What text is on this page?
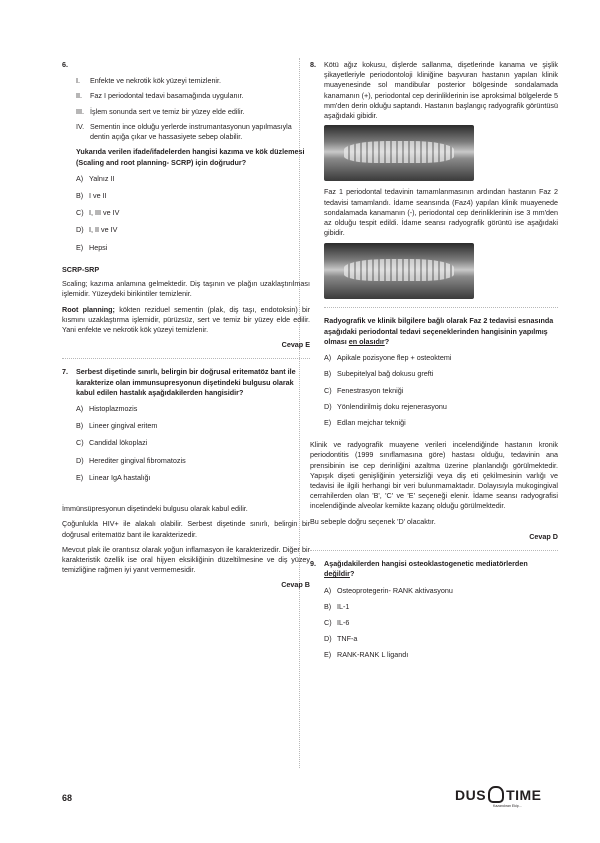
6.
I.	Enfekte ve nekrotik kök yüzeyi temizlenir.
II.	Faz I periodontal tedavi basamağında uygulanır.
III. İşlem sonunda sert ve temiz bir yüzey elde edilir.
IV. Sementin ince olduğu yerlerde instrumantasyonun yapılmasıyla dentin açığa çıkar ve hassasiyete sebep olabilir.
Yukarıda verilen ifade/ifadelerden hangisi kazıma ve kök düzlemesi (Scaling and root planning- SCRP) için doğrudur?
A) Yalnız II
B) I ve II
C) I, III ve IV
D) I, II ve IV
E) Hepsi
SCRP-SRP

Scaling; kazıma anlamına gelmektedir. Diş taşının ve plağın uzaklaştırılması işlemidir. Yüzeydeki birikintiler temizlenir.

Root planning; kökten reziduel sementin (plak, diş taşı, endotoksin) bir kısmını uzaklaştırma işlemidir, pürüzsüz, sert ve temiz bir yüzey elde edilir. Yani enfekte ve nekrotik kök yüzeyi temizlenir.

Cevap E
7.	Serbest dişetinde sınırlı, belirgin bir doğrusal eritematöz bant ile karakterize olan immunsupresyonun dişetindeki bulgusu olarak kabul edilen hastalık aşağıdakilerden hangisidir?
A) Histoplazmozis
B) Lineer gingival eritem
C) Candidal lökoplazi
D) Herediter gingival fibromatozis
E) Linear IgA hastalığı

İmmünsüpresyonun dişetindeki bulgusu olarak kabul edilir.

Çoğunlukla HIV+ ile alakalı olabilir. Serbest dişetinde sınırlı, belirgin bir doğrusal eritematöz bant ile karakterizedir.

Mevcut plak ile orantısız olarak yoğun inflamasyon ile karakterizedir. Diğer bir karakteristik özellik ise oral hijyen eksikliğinin düzeltilmesine ve diş yüzey temizliğine rağmen iyi yanıt vermemesidir.

Cevap B
8.	Kötü ağız kokusu, dişlerde sallanma, dişetlerinde kanama ve şişlik şikayetleriyle periodontoloji kliniğine başvuran hastanın yapılan klinik muayenesinde sol mandibular posterior bölgesinde sondalamada kanamanın (+), periodontal cep derinliklerinin ise aproksimal bölgelerde 5 mm'den derin olduğu saptandı. Hastanın başlangıç radyografik görüntüsü aşağıdaki gibidir.

Faz 1 periodontal tedavinin tamamlanmasının ardından hastanın Faz 2 tedavisi tamamlandı. İdame seansında (Faz4) yapılan klinik muayenede sondalamada kanamanın (-), periodontal cep derinliklerinin ise 3 mm'den az olduğu tespit edildi. İdame seansı radyografik görüntü ise aşağıdaki gibidir.

Radyografik ve klinik bilgilere bağlı olarak Faz 2 tedavisi esnasında aşağıdaki periodontal tedavi seçeneklerinden hangisinin yapılmış olması en olasıdır?
A) Apikale pozisyone flep + osteoktemi
B) Subepitelyal bağ dokusu grefti
C) Fenestrasyon tekniği
D) Yönlendirilmiş doku rejenerasyonu
E) Edlan mejchar tekniği

Klinik ve radyografik muayene verileri incelendiğinde hastanın kronik periodontitis (1999 sınıflamasına göre) hastası olduğu, tedavinin ana prensibinin ise cep derinliğini azaltma üzerine planlandığı görülmektedir. Yapışık dişeti genişliğinin yetersizliği veya diş eti çekilmesinin varlığı ve tedavisi ile ilgili herhangi bir veri bulunmamaktadır. Dolayısıyla mukogingival cerrahilerden olan 'B', 'C' ve 'E' seçeneği elenir. İdame seansı radyografisi incelendiğinde alveolar kemikte kazanç olduğu görülmektedir.

Bu sebeple doğru seçenek 'D' olacaktır.

Cevap D
9.	Aşağıdakilerden hangisi osteoklastogenetic mediatörlerden değildir?
A) Osteoprotegerin- RANK aktivasyonu
B) IL-1
C) IL-6
D) TNF-a
E) RANK-RANK L ligandı
68	DUS TIME
Kazandıran Ekip...
